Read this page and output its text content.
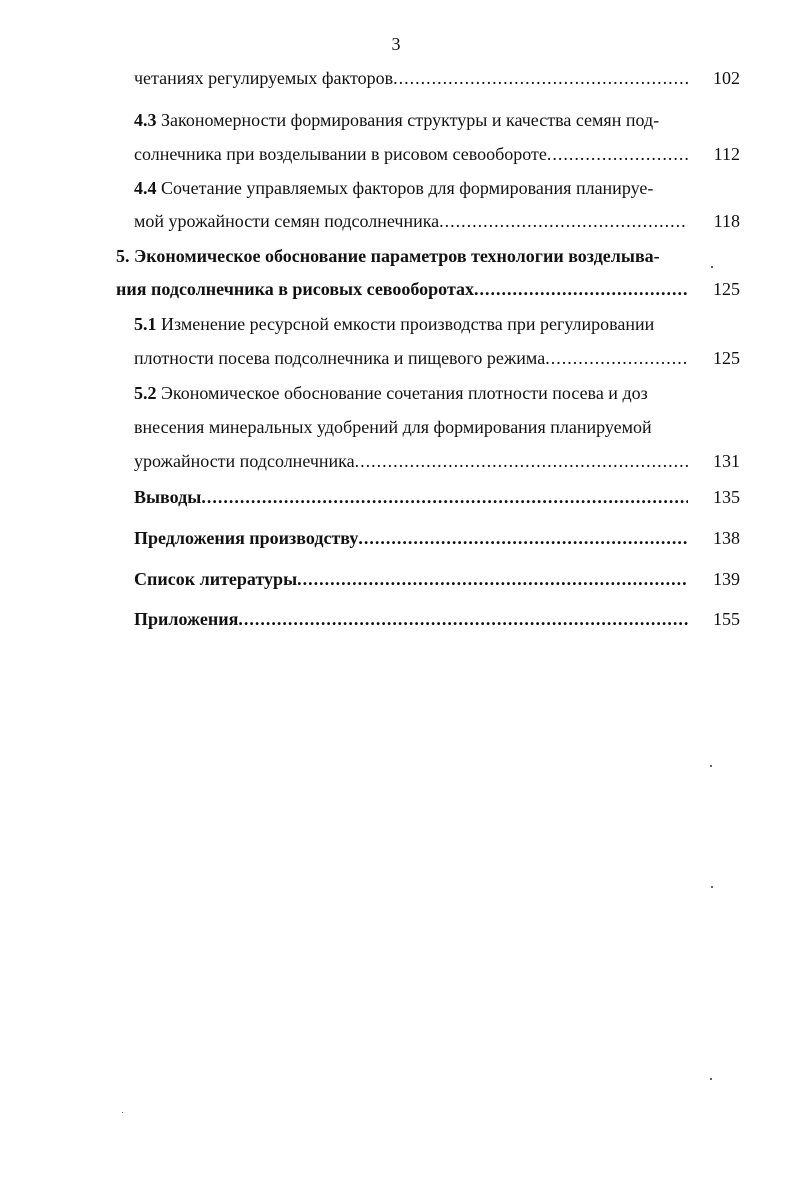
3
четаниях регулируемых факторов .....	102
4.3 Закономерности формирования структуры и качества семян под-
солнечника при возделывании в рисовом севообороте .....	112
4.4 Сочетание управляемых факторов для формирования планируе-
мой урожайности семян подсолнечника .....	118
5. Экономическое обоснование параметров технологии возделыва-
ния подсолнечника в рисовых севооборотах .....	125
5.1 Изменение ресурсной емкости производства при регулировании
плотности посева подсолнечника и пищевого режима .....	125
5.2 Экономическое обоснование сочетания плотности посева и доз
внесения минеральных удобрений для формирования планируемой
урожайности подсолнечника .....	131
Выводы .....	135
Предложения производству .....	138
Список литературы .....	139
Приложения .....	155
